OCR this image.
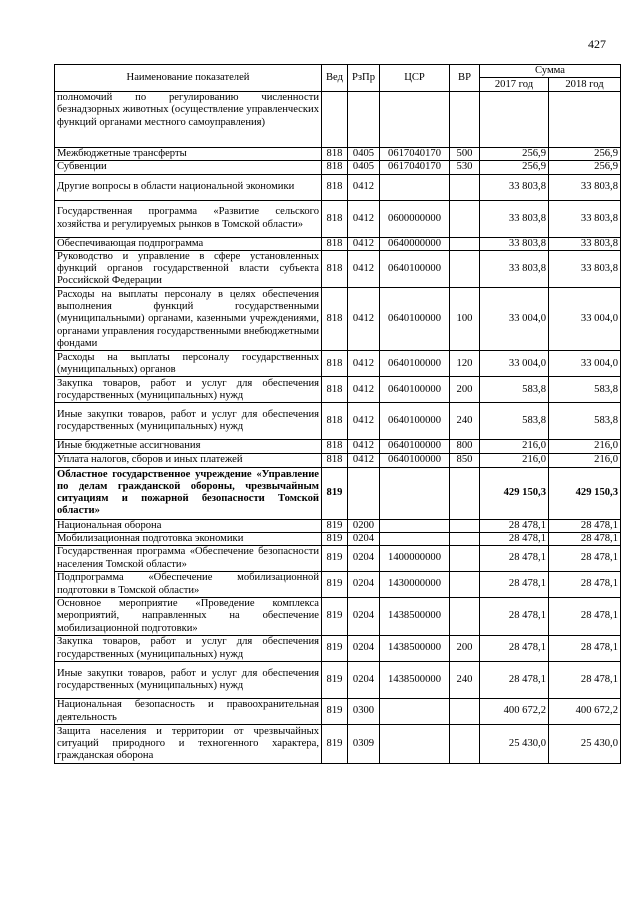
427
Наименование показателей	Вед	РзПр	ЦСР	ВР	Сумма	
					2017 год	2018 год
полномочий по регулированию численности безнадзорных животных (осуществление управленческих функций органами местного самоуправления)						
Межбюджетные трансферты	818	0405	0617040170	500	256,9	256,9
Субвенции	818	0405	0617040170	530	256,9	256,9
Другие вопросы в области национальной экономики	818	0412			33 803,8	33 803,8
Государственная программа «Развитие сельского хозяйства и регулируемых рынков в Томской области»	818	0412	0600000000		33 803,8	33 803,8
Обеспечивающая подпрограмма	818	0412	0640000000		33 803,8	33 803,8
Руководство и управление в сфере установленных функций органов государственной власти субъекта Российской Федерации	818	0412	0640100000		33 803,8	33 803,8
Расходы на выплаты персоналу в целях обеспечения выполнения функций государственными (муниципальными) органами, казенными учреждениями, органами управления государственными внебюджетными фондами	818	0412	0640100000	100	33 004,0	33 004,0
Расходы на выплаты персоналу государственных (муниципальных) органов	818	0412	0640100000	120	33 004,0	33 004,0
Закупка товаров, работ и услуг для обеспечения государственных (муниципальных) нужд	818	0412	0640100000	200	583,8	583,8
Иные закупки товаров, работ и услуг для обеспечения государственных (муниципальных) нужд	818	0412	0640100000	240	583,8	583,8
Иные бюджетные ассигнования	818	0412	0640100000	800	216,0	216,0
Уплата налогов, сборов и иных платежей	818	0412	0640100000	850	216,0	216,0
Областное государственное учреждение «Управление по делам гражданской обороны, чрезвычайным ситуациям и пожарной безопасности Томской области»	819				429 150,3	429 150,3
Национальная оборона	819	0200			28 478,1	28 478,1
Мобилизационная подготовка экономики	819	0204			28 478,1	28 478,1
Государственная программа «Обеспечение безопасности населения Томской области»	819	0204	1400000000		28 478,1	28 478,1
Подпрограмма «Обеспечение мобилизационной подготовки в Томской области»	819	0204	1430000000		28 478,1	28 478,1
Основное мероприятие «Проведение комплекса мероприятий, направленных на обеспечение мобилизационной подготовки»	819	0204	1438500000		28 478,1	28 478,1
Закупка товаров, работ и услуг для обеспечения государственных (муниципальных) нужд	819	0204	1438500000	200	28 478,1	28 478,1
Иные закупки товаров, работ и услуг для обеспечения государственных (муниципальных) нужд	819	0204	1438500000	240	28 478,1	28 478,1
Национальная безопасность и правоохранительная деятельность	819	0300			400 672,2	400 672,2
Защита населения и территории от чрезвычайных ситуаций природного и техногенного характера, гражданская оборона	819	0309			25 430,0	25 430,0
